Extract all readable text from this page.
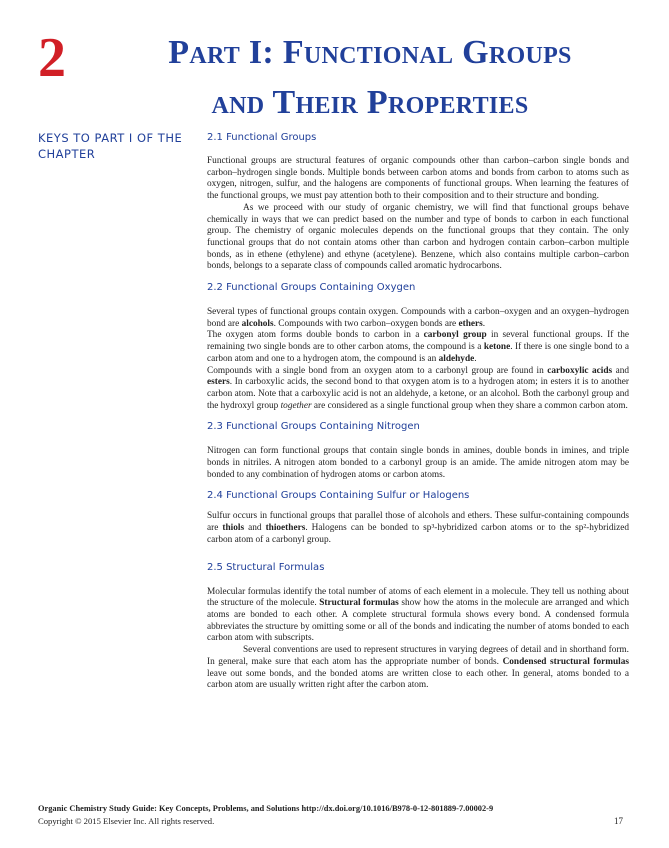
2	Part I: Functional Groups
and Their Properties
KEYS TO PART I OF THE CHAPTER
2.1 Functional Groups

Functional groups are structural features of organic compounds other than carbon–carbon single bonds and carbon–hydrogen single bonds. Multiple bonds between carbon atoms and bonds from carbon to atoms such as oxygen, nitrogen, sulfur, and the halogens are components of functional groups. When learning the features of the functional groups, we must pay attention both to their composition and to their structure and bonding.

As we proceed with our study of organic chemistry, we will find that functional groups behave chemically in ways that we can predict based on the number and type of bonds to carbon in each functional group. The chemistry of organic molecules depends on the functional groups that they contain. The only functional groups that do not contain atoms other than carbon and hydrogen contain carbon–carbon multiple bonds, as in ethene (ethylene) and ethyne (acetylene). Benzene, which also contains multiple carbon–carbon bonds, belongs to a separate class of compounds called aromatic hydrocarbons.

2.2 Functional Groups Containing Oxygen

Several types of functional groups contain oxygen. Compounds with a carbon–oxygen and an oxygen–hydrogen bond are alcohols. Compounds with two carbon–oxygen bonds are ethers.

The oxygen atom forms double bonds to carbon in a carbonyl group in several functional groups. If the remaining two single bonds are to other carbon atoms, the compound is a ketone. If there is one single bond to a carbon atom and one to a hydrogen atom, the compound is an aldehyde.

Compounds with a single bond from an oxygen atom to a carbonyl group are found in carboxylic acids and esters. In carboxylic acids, the second bond to that oxygen atom is to a hydrogen atom; in esters it is to another carbon atom. Note that a carboxylic acid is not an aldehyde, a ketone, or an alcohol. Both the carbonyl group and the hydroxyl group together are considered as a single functional group when they share a common carbon atom.

2.3 Functional Groups Containing Nitrogen

Nitrogen can form functional groups that contain single bonds in amines, double bonds in imines, and triple bonds in nitriles. A nitrogen atom bonded to a carbonyl group is an amide. The amide nitrogen atom may be bonded to any combination of hydrogen atoms or carbon atoms.

2.4 Functional Groups Containing Sulfur or Halogens

Sulfur occurs in functional groups that parallel those of alcohols and ethers. These sulfur-containing compounds are thiols and thioethers. Halogens can be bonded to sp³-hybridized carbon atoms or to the sp²-hybridized carbon atom of a carbonyl group.

2.5 Structural Formulas

Molecular formulas identify the total number of atoms of each element in a molecule. They tell us nothing about the structure of the molecule. Structural formulas show how the atoms in the molecule are arranged and which atoms are bonded to each other. A complete structural formula shows every bond. A condensed formula abbreviates the structure by omitting some or all of the bonds and indicating the number of atoms bonded to each carbon atom with subscripts.

Several conventions are used to represent structures in varying degrees of detail and in shorthand form. In general, make sure that each atom has the appropriate number of bonds. Condensed structural formulas leave out some bonds, and the bonded atoms are written close to each other. In general, atoms bonded to a carbon atom are usually written right after the carbon atom.

Organic Chemistry Study Guide: Key Concepts, Problems, and Solutions http://dx.doi.org/10.1016/B978-0-12-801889-7.00002-9
Copyright © 2015 Elsevier Inc. All rights reserved.	17
